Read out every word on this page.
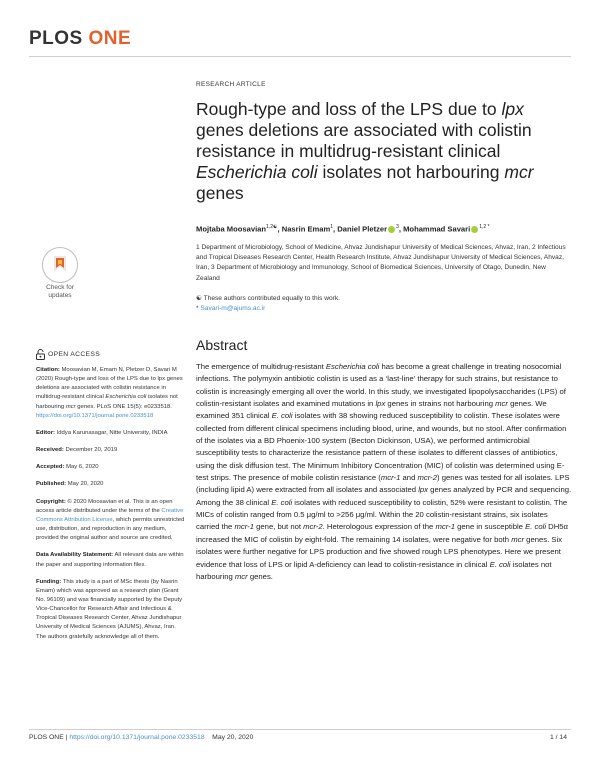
PLOS ONE
RESEARCH ARTICLE
Rough-type and loss of the LPS due to lpx genes deletions are associated with colistin resistance in multidrug-resistant clinical Escherichia coli isolates not harbouring mcr genes
Mojtaba Moosavian$^{1,2☯}$, Nasrin Emam$^1$, Daniel Pletzer $^3$, Mohammad Savari $^{1,2 *}$
1 Department of Microbiology, School of Medicine, Ahvaz Jundishapur University of Medical Sciences, Ahvaz, Iran, 2 Infectious and Tropical Diseases Research Center, Health Research Institute, Ahvaz Jundishapur University of Medical Sciences, Ahvaz, Iran, 3 Department of Microbiology and Immunology, School of Biomedical Sciences, University of Otago, Dunedin, New Zealand
☯ These authors contributed equally to this work.
* Savari-m@ajums.ac.ir
Check for
updates
OPEN ACCESS

Citation: Moosavian M, Emam N, Pletzer D, Savari M (2020) Rough-type and loss of the LPS due to lpx genes deletions are associated with colistin resistance in multidrug-resistant clinical Escherichia coli isolates not harbouring mcr genes. PLoS ONE 15(5): e0233518. https://doi.org/10.1371/journal.pone.0233518

Editor: Iddya Karunasagar, Nitte University, INDIA

Received: December 20, 2019

Accepted: May 6, 2020

Published: May 20, 2020

Copyright: © 2020 Moosavian et al. This is an open access article distributed under the terms of the Creative Commons Attribution License, which permits unrestricted use, distribution, and reproduction in any medium, provided the original author and source are credited.

Data Availability Statement: All relevant data are within the paper and supporting information files.

Funding: This study is a part of MSc thesis (by Nasrin Emam) which was approved as a research plan (Grant No. 96109) and was financially supported by the Deputy Vice-Chancellor for Research Affair and Infectious & Tropical Diseases Research Center, Ahvaz Jundishapur University of Medical Sciences (AJUMS), Ahvaz, Iran. The authors gratefully acknowledge all of them.

Abstract

The emergence of multidrug-resistant Escherichia coli has become a great challenge in treating nosocomial infections. The polymyxin antibiotic colistin is used as a ‘last-line’ therapy for such strains, but resistance to colistin is increasingly emerging all over the world. In this study, we investigated lipopolysaccharides (LPS) of colistin-resistant isolates and examined mutations in lpx genes in strains not harbouring mcr genes. We examined 351 clinical E. coli isolates with 38 showing reduced susceptibility to colistin. These isolates were collected from different clinical specimens including blood, urine, and wounds, but no stool. After confirmation of the isolates via a BD Phoenix-100 system (Becton Dickinson, USA), we performed antimicrobial susceptibility tests to characterize the resistance pattern of these isolates to different classes of antibiotics, using the disk diffusion test. The Minimum Inhibitory Concentration (MIC) of colistin was determined using E-test strips. The presence of mobile colistin resistance (mcr-1 and mcr-2) genes was tested for all isolates. LPS (including lipid A) were extracted from all isolates and associated lpx genes analyzed by PCR and sequencing. Among the 38 clinical E. coli isolates with reduced susceptibility to colistin, 52% were resistant to colistin. The MICs of colistin ranged from 0.5 μg/ml to >256 μg/ml. Within the 20 colistin-resistant strains, six isolates carried the mcr-1 gene, but not mcr-2. Heterologous expression of the mcr-1 gene in susceptible E. coli DH5α increased the MIC of colistin by eight-fold. The remaining 14 isolates, were negative for both mcr genes. Six isolates were further negative for LPS production and five showed rough LPS phenotypes. Here we present evidence that loss of LPS or lipid A-deficiency can lead to colistin-resistance in clinical E. coli isolates not harbouring mcr genes.

PLOS ONE | https://doi.org/10.1371/journal.pone.0233518 May 20, 2020	1 / 14
